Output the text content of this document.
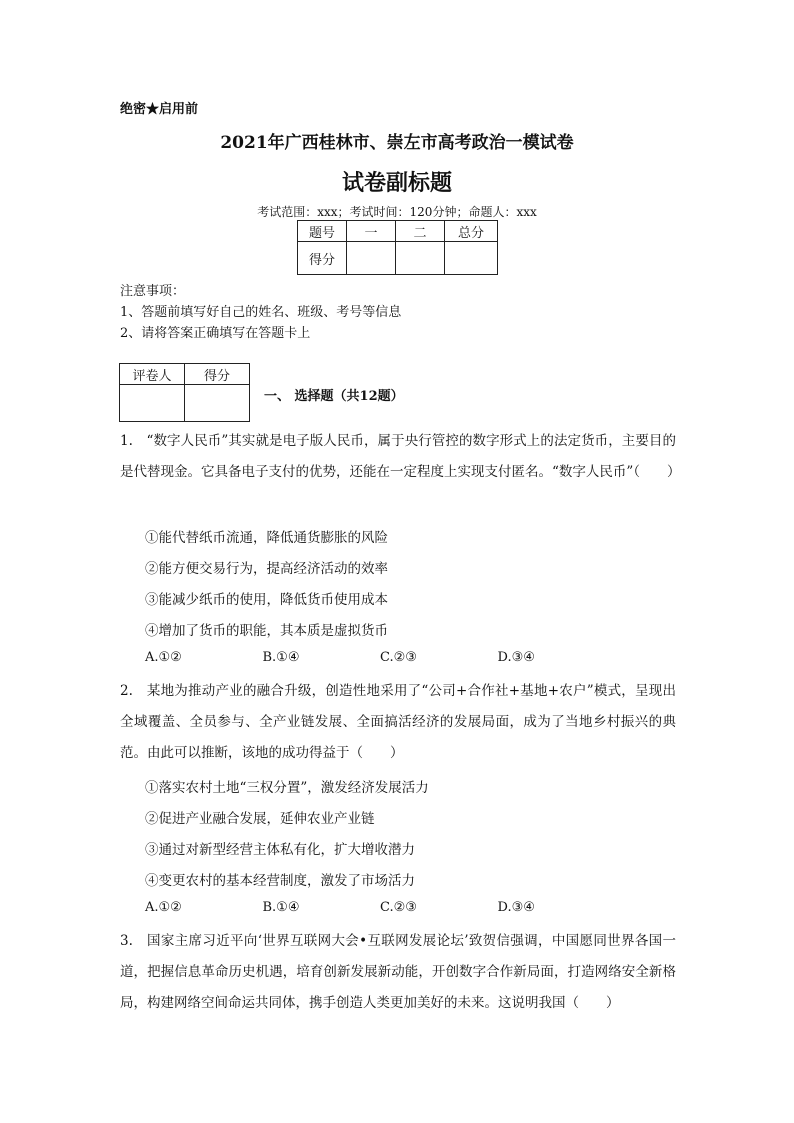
绝密★启用前
2021年广西桂林市、崇左市高考政治一模试卷
试卷副标题
考试范围：xxx；考试时间：120分钟；命题人：xxx
题号	一	二	总分
得分			
注意事项：
1、答题前填写好自己的姓名、班级、考号等信息
2、请将答案正确填写在答题卡上
评卷人	得分

一、 选择题（共12题）
1.　“数字人民币”其实就是电子版人民币，属于央行管控的数字形式上的法定货币，主要目的是代替现金。它具备电子支付的优势，还能在一定程度上实现支付匿名。“数字人民币”（　　）
①能代替纸币流通，降低通货膨胀的风险
②能方便交易行为，提高经济活动的效率
③能减少纸币的使用，降低货币使用成本
④增加了货币的职能，其本质是虚拟货币
A.①②	B.①④	C.②③	D.③④
2.　某地为推动产业的融合升级，创造性地采用了“公司+合作社+基地+农户”模式，呈现出全域覆盖、全员参与、全产业链发展、全面搞活经济的发展局面，成为了当地乡村振兴的典范。由此可以推断，该地的成功得益于（　　）
①落实农村土地“三权分置”，激发经济发展活力
②促进产业融合发展，延伸农业产业链
③通过对新型经营主体私有化，扩大增收潜力
④变更农村的基本经营制度，激发了市场活力
A.①②	B.①④	C.②③	D.③④
3.　国家主席习近平向‘世界互联网大会•互联网发展论坛’致贺信强调，中国愿同世界各国一道，把握信息革命历史机遇，培育创新发展新动能，开创数字合作新局面，打造网络安全新格局，构建网络空间命运共同体，携手创造人类更加美好的未来。这说明我国（　　）
